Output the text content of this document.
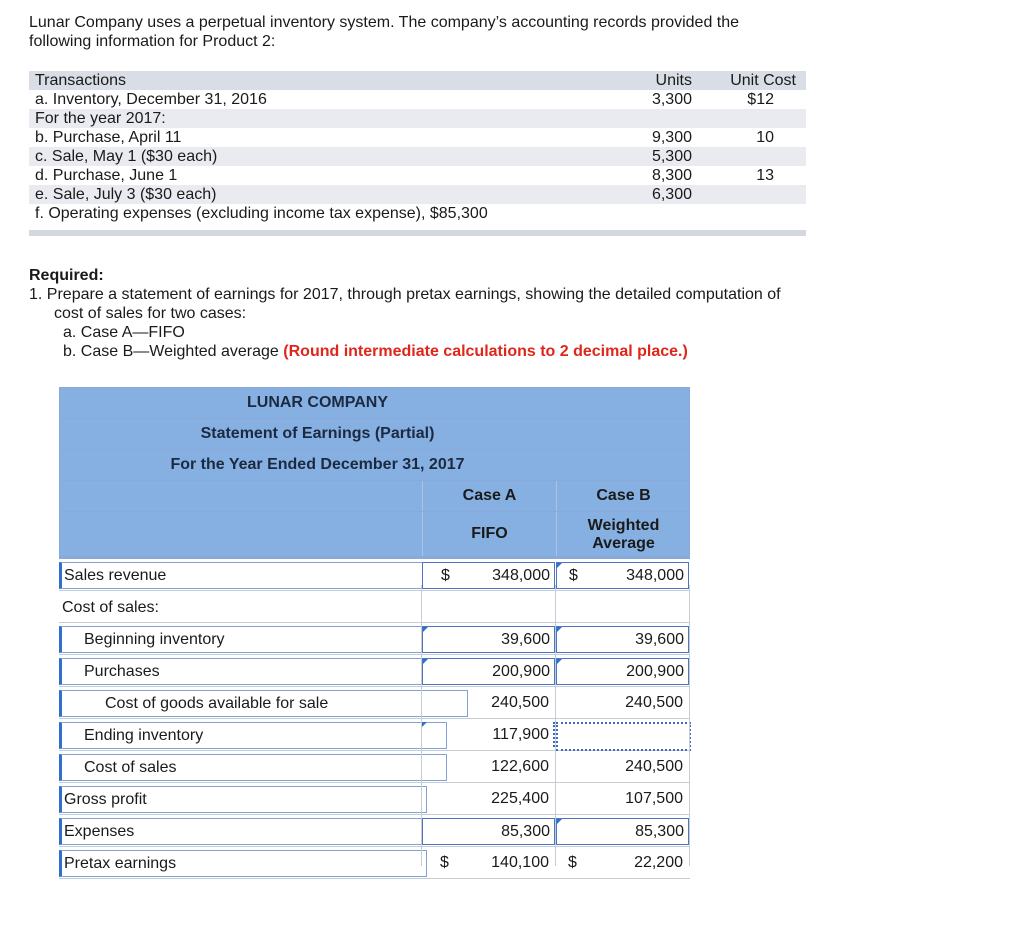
Lunar Company uses a perpetual inventory system. The company’s accounting records provided the
following information for Product 2:
Transactions	Units Unit Cost
a. Inventory, December 31, 2016	3,300	$12
For the year 2017:
b. Purchase, April 11	9,300	10
c. Sale, May 1 ($30 each)	5,300
d. Purchase, June 1	8,300	13
e. Sale, July 3 ($30 each)	6,300
f. Operating expenses (excluding income tax expense), $85,300
Required:
1. Prepare a statement of earnings for 2017, through pretax earnings, showing the detailed computation of
cost of sales for two cases:
a. Case A—FIFO
b. Case B—Weighted average (Round intermediate calculations to 2 decimal place.)
LUNAR COMPANY
Statement of Earnings (Partial)
For the Year Ended December 31, 2017
Case A	Case B
FIFO	Weighted
Average
Sales revenue	$	348,000 $	348,000
Cost of sales:
Beginning inventory	39,600	39,600
Purchases	200,900	200,900
Cost of goods available for sale	240,500	240,500
Ending inventory	117,900
Cost of sales	122,600	240,500
Gross profit	225,400	107,500
Expenses	85,300	85,300
Pretax earnings	$	140,100 $	22,200
